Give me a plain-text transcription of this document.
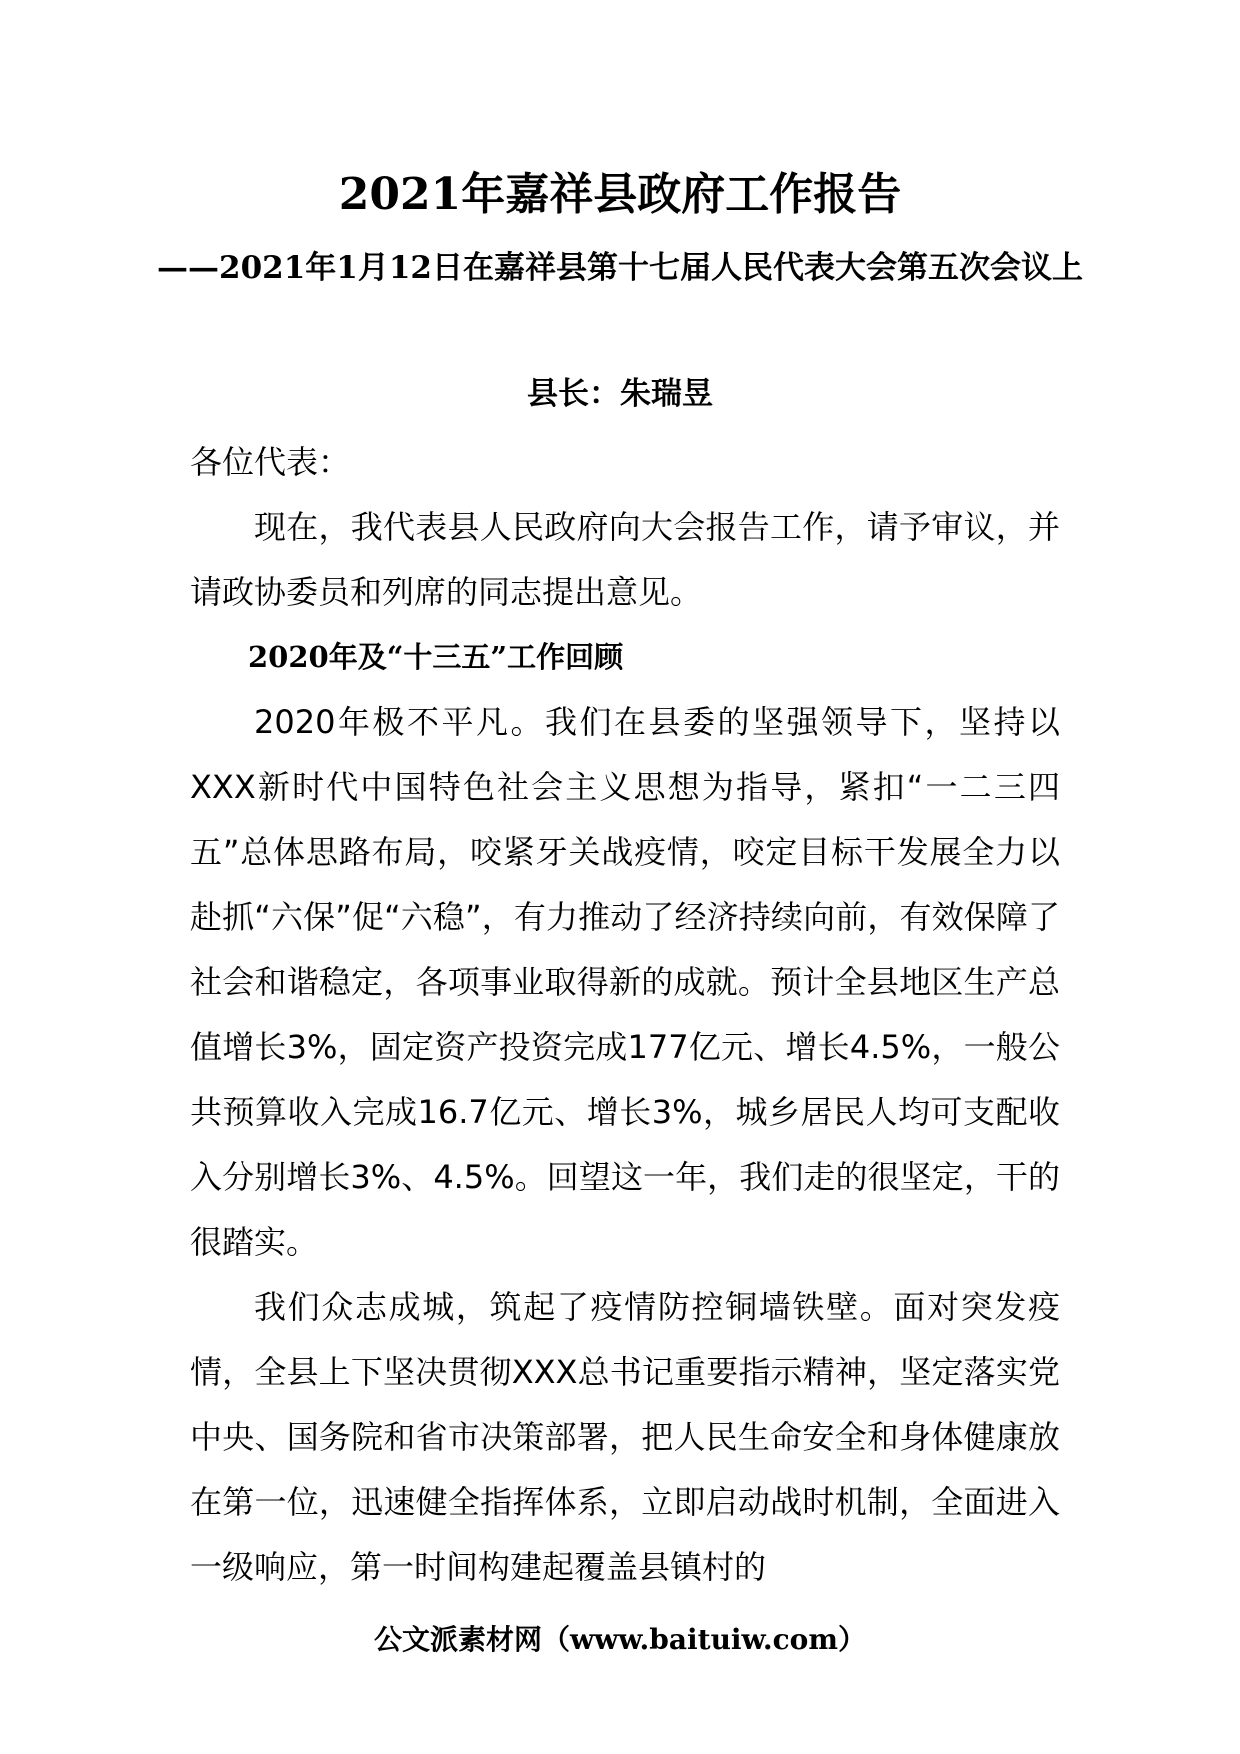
2021年嘉祥县政府工作报告
——2021年1月12日在嘉祥县第十七届人民代表大会第五次会议上
县长：朱瑞昱

各位代表：

现在，我代表县人民政府向大会报告工作，请予审议，并请政协委员和列席的同志提出意见。

2020年及“十三五”工作回顾

2020年极不平凡。我们在县委的坚强领导下，坚持以XXX新时代中国特色社会主义思想为指导，紧扣“一二三四五”总体思路布局，咬紧牙关战疫情，咬定目标干发展全力以赴抓“六保”促“六稳”，有力推动了经济持续向前，有效保障了社会和谐稳定，各项事业取得新的成就。预计全县地区生产总值增长3%，固定资产投资完成177亿元、增长4.5%，一般公共预算收入完成16.7亿元、增长3%，城乡居民人均可支配收入分别增长3%、4.5%。回望这一年，我们走的很坚定，干的很踏实。

我们众志成城，筑起了疫情防控铜墙铁壁。面对突发疫情，全县上下坚决贯彻XXX总书记重要指示精神，坚定落实党中央、国务院和省市决策部署，把人民生命安全和身体健康放在第一位，迅速健全指挥体系，立即启动战时机制，全面进入一级响应，第一时间构建起覆盖县镇村的

公文派素材网（www.baituiw.com）
